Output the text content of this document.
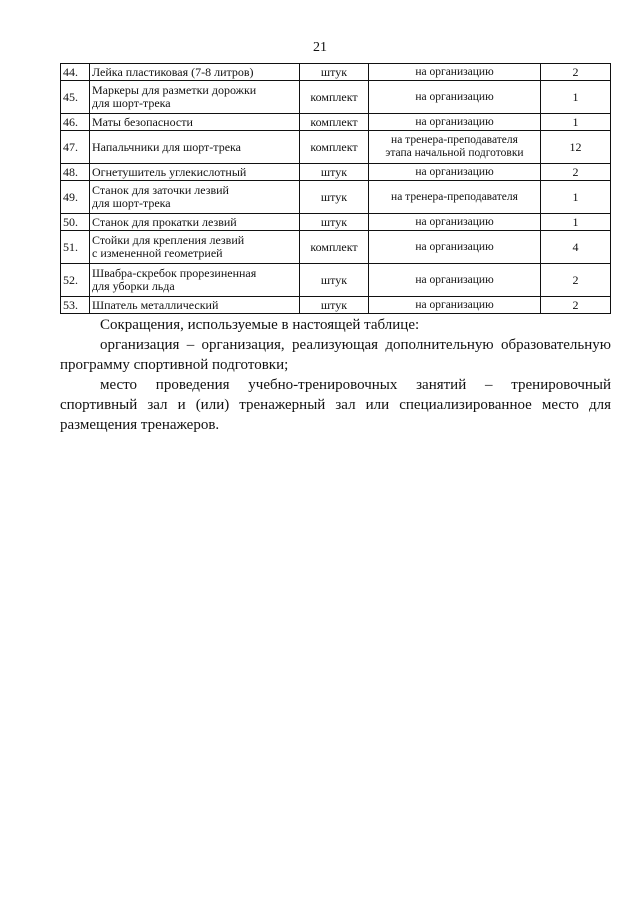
21
44.	Лейка пластиковая (7-8 литров)	штук	на организацию	2
45.	Маркеры для разметки дорожки
для шорт-трека	комплект	на организацию	1
46.	Маты безопасности	комплект	на организацию	1
47.	Напальчники для шорт-трека	комплект	на тренера-преподавателя
этапа начальной подготовки	12
48.	Огнетушитель углекислотный	штук	на организацию	2
49.	Станок для заточки лезвий
для шорт-трека	штук	на тренера-преподавателя	1
50.	Станок для прокатки лезвий	штук	на организацию	1
51.	Стойки для крепления лезвий
с измененной геометрией	комплект	на организацию	4
52.	Швабра-скребок прорезиненная
для уборки льда	штук	на организацию	2
53.	Шпатель металлический	штук	на организацию	2

Сокращения, используемые в настоящей таблице:

организация – организация, реализующая дополнительную образовательную программу спортивной подготовки;

место проведения учебно-тренировочных занятий – тренировочный спортивный зал и (или) тренажерный зал или специализированное место для размещения тренажеров.
